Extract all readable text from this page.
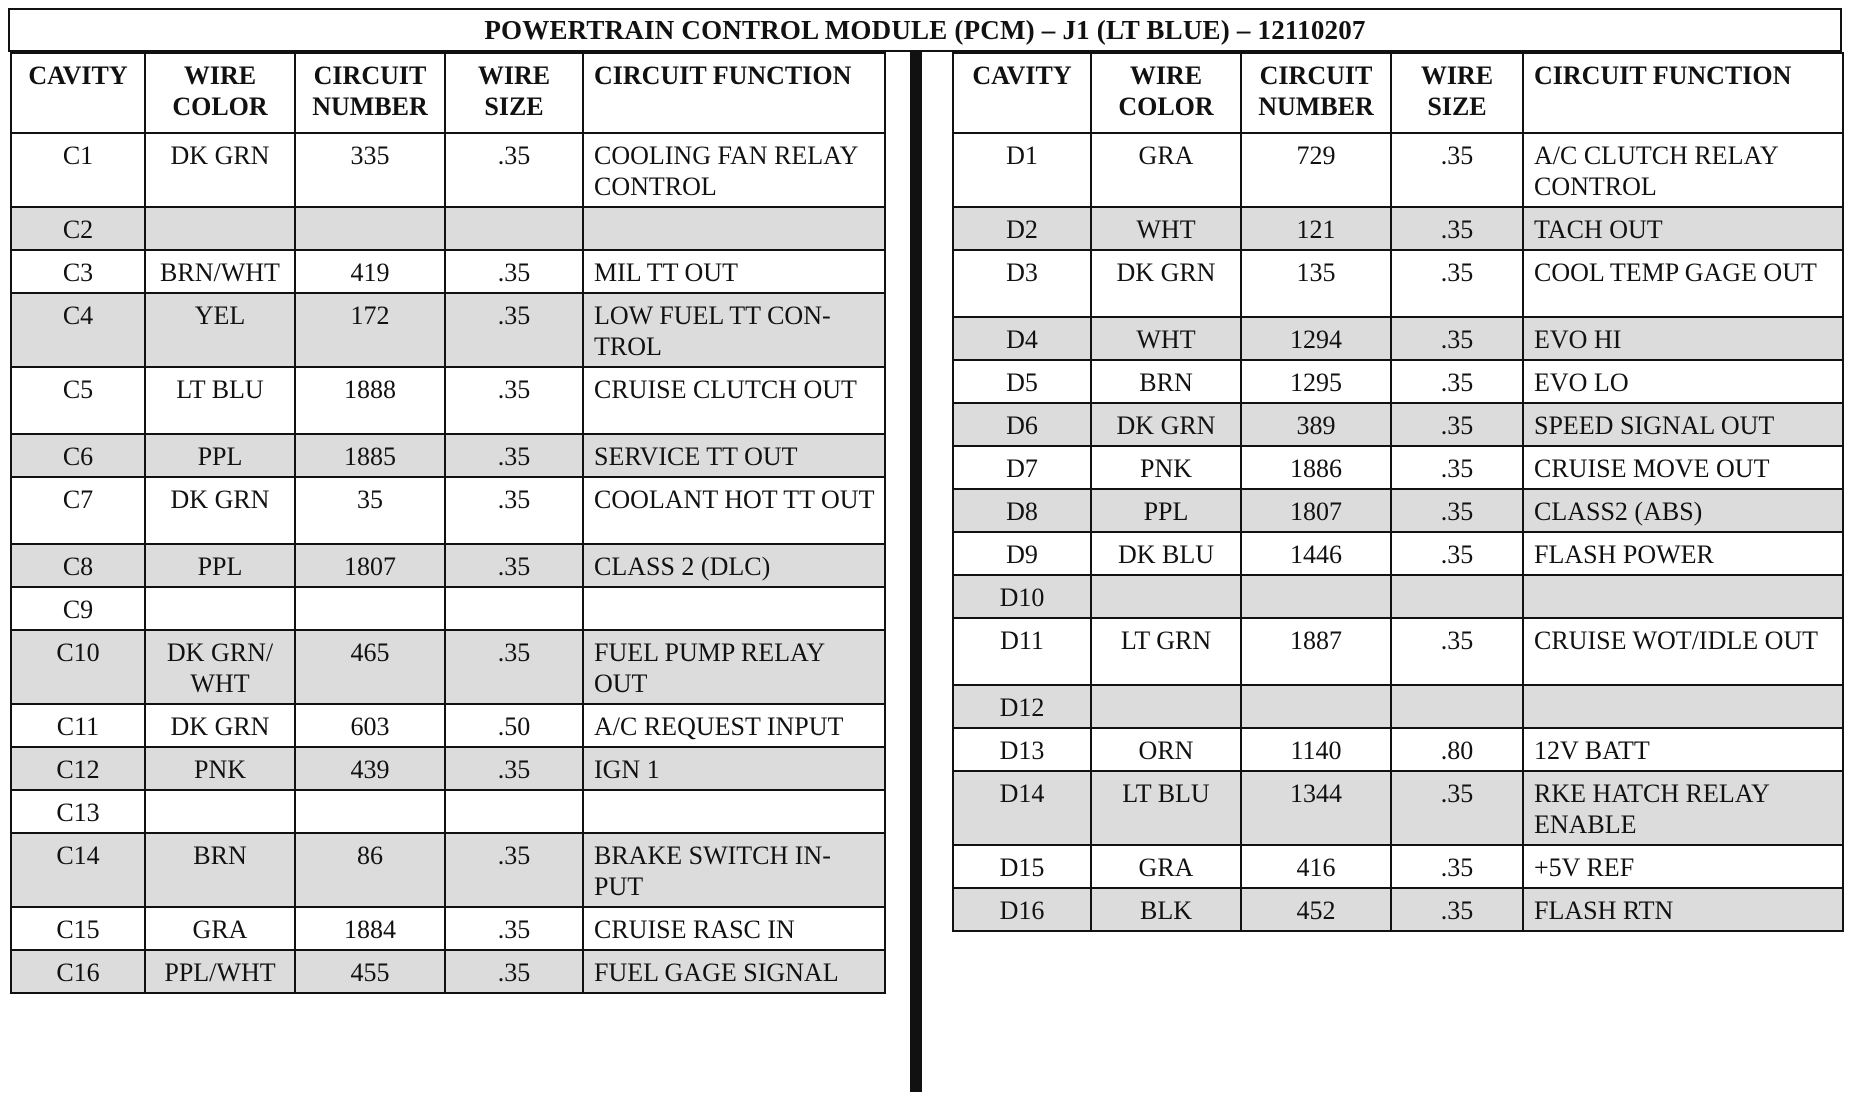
POWERTRAIN CONTROL MODULE (PCM) – J1 (LT BLUE) – 12110207
CAVITY	WIRE COLOR	CIRCUIT NUMBER	WIRE SIZE	CIRCUIT FUNCTION
C1	DK GRN	335	.35	COOLING FAN RELAY CONTROL
C2				
C3	BRN/WHT	419	.35	MIL TT OUT
C4	YEL	172	.35	LOW FUEL TT CON-TROL
C5	LT BLU	1888	.35	CRUISE CLUTCH OUT
C6	PPL	1885	.35	SERVICE TT OUT
C7	DK GRN	35	.35	COOLANT HOT TT OUT
C8	PPL	1807	.35	CLASS 2 (DLC)
C9				
C10	DK GRN/ WHT	465	.35	FUEL PUMP RELAY OUT
C11	DK GRN	603	.50	A/C REQUEST INPUT
C12	PNK	439	.35	IGN 1
C13				
C14	BRN	86	.35	BRAKE SWITCH IN-PUT
C15	GRA	1884	.35	CRUISE RASC IN
C16	PPL/WHT	455	.35	FUEL GAGE SIGNAL
CAVITY	WIRE COLOR	CIRCUIT NUMBER	WIRE SIZE	CIRCUIT FUNCTION
D1	GRA	729	.35	A/C CLUTCH RELAY CONTROL
D2	WHT	121	.35	TACH OUT
D3	DK GRN	135	.35	COOL TEMP GAGE OUT
D4	WHT	1294	.35	EVO HI
D5	BRN	1295	.35	EVO LO
D6	DK GRN	389	.35	SPEED SIGNAL OUT
D7	PNK	1886	.35	CRUISE MOVE OUT
D8	PPL	1807	.35	CLASS2 (ABS)
D9	DK BLU	1446	.35	FLASH POWER
D10				
D11	LT GRN	1887	.35	CRUISE WOT/IDLE OUT
D12				
D13	ORN	1140	.80	12V BATT
D14	LT BLU	1344	.35	RKE HATCH RELAY ENABLE
D15	GRA	416	.35	+5V REF
D16	BLK	452	.35	FLASH RTN
